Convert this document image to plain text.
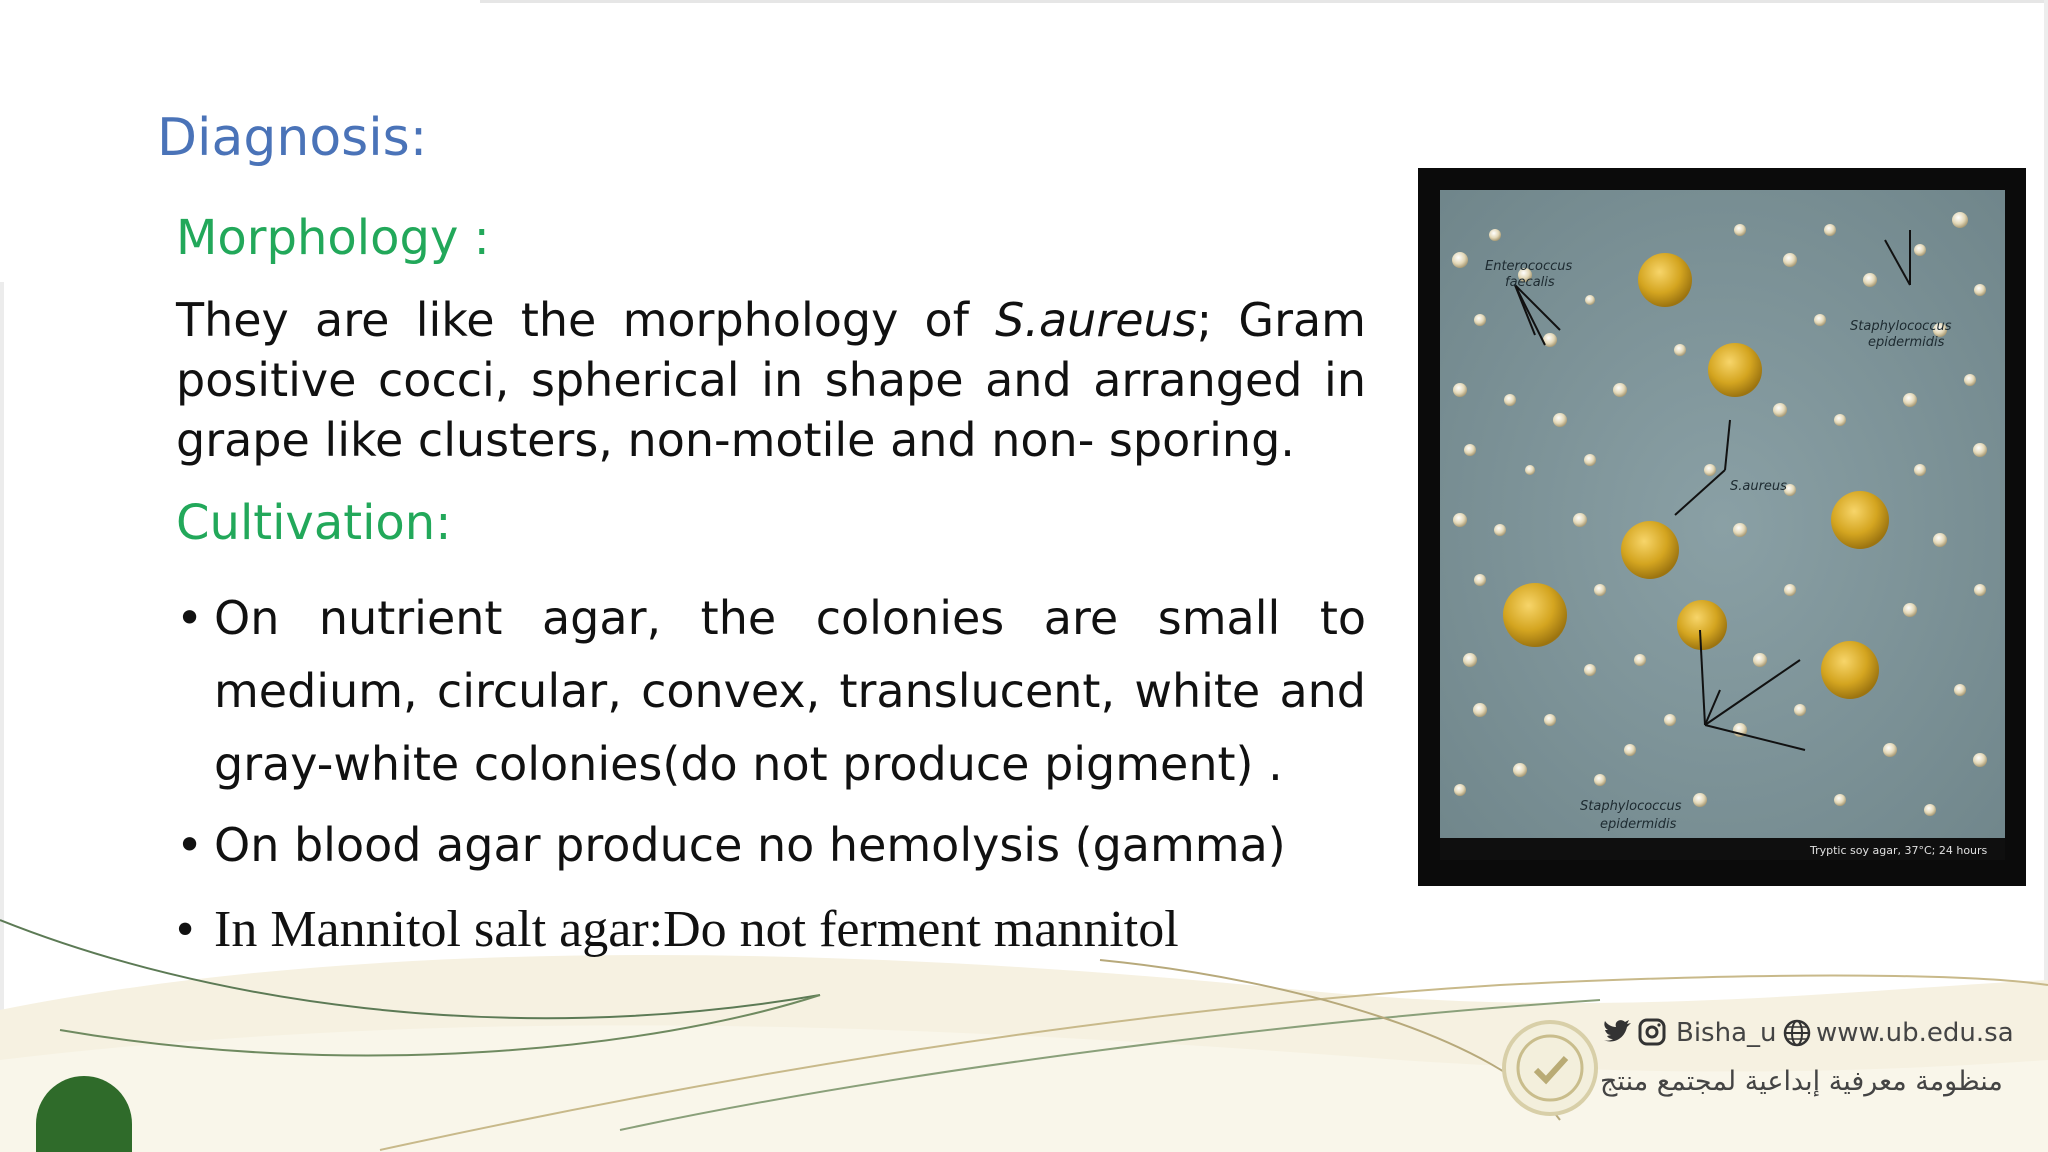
Diagnosis:
Morphology :
They are like the morphology of S.aureus; Gram positive cocci, spherical in shape and arranged in grape like clusters, non-motile and non- sporing.
Cultivation:
• On nutrient agar, the colonies are small to medium, circular, convex, translucent, white and gray-white colonies(do not produce pigment) .
• On blood agar produce no hemolysis (gamma)
• In Mannitol salt agar:Do not ferment mannitol
Enterococcus
faecalis
Staphylococcus
epidermidis
S.aureus
Staphylococcus
epidermidis
Tryptic soy agar, 37°C; 24 hours
Bisha_u www.ub.edu.sa
منظومة معرفية إبداعية لمجتمع منتج
